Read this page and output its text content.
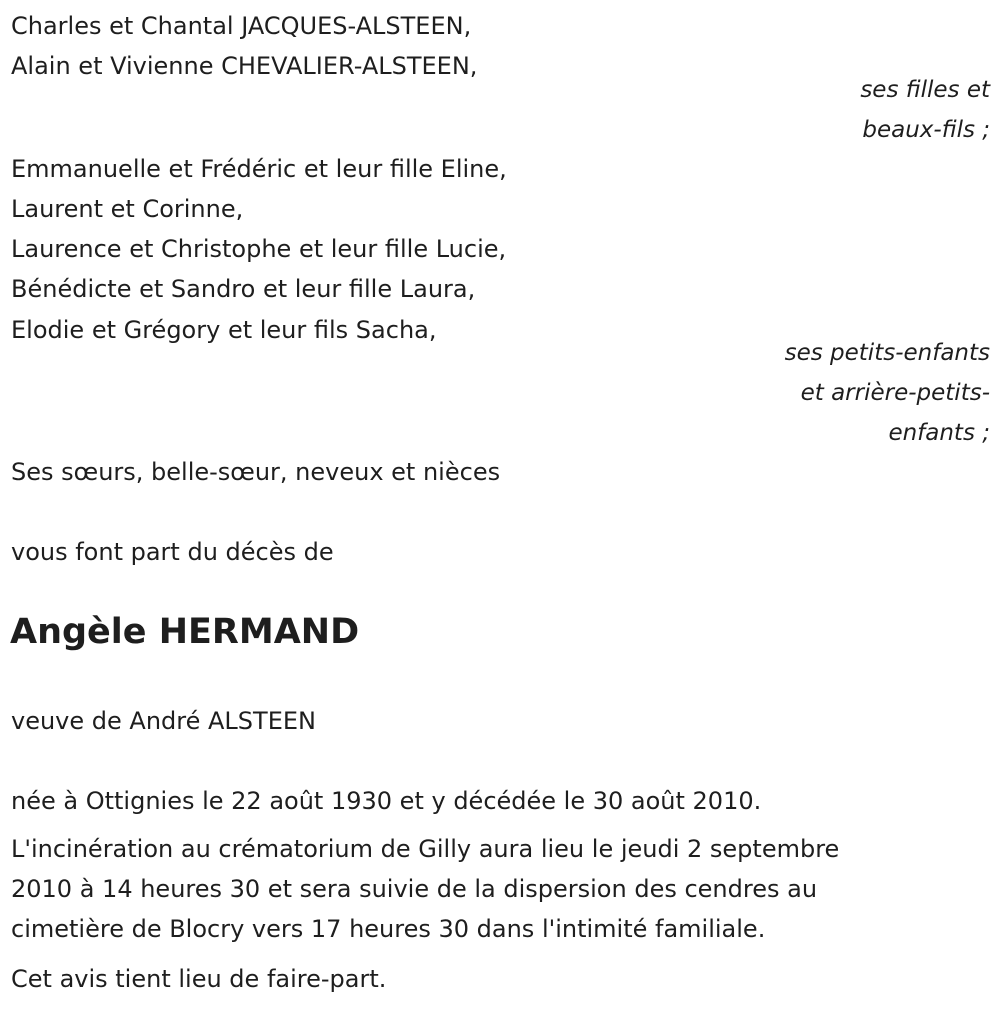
Charles et Chantal JACQUES-ALSTEEN,
Alain et Vivienne CHEVALIER-ALSTEEN,
ses filles et
beaux-fils ;
Emmanuelle et Frédéric et leur fille Eline,
Laurent et Corinne,
Laurence et Christophe et leur fille Lucie,
Bénédicte et Sandro et leur fille Laura,
Elodie et Grégory et leur fils Sacha,
ses petits-enfants
et arrière-petits-
enfants ;
Ses sœurs, belle-sœur, neveux et nièces
vous font part du décès de
Angèle HERMAND
veuve de André ALSTEEN
née à Ottignies le 22 août 1930 et y décédée le 30 août 2010.
L'incinération au crématorium de Gilly aura lieu le jeudi 2 septembre
2010 à 14 heures 30 et sera suivie de la dispersion des cendres au
cimetière de Blocry vers 17 heures 30 dans l'intimité familiale.
Cet avis tient lieu de faire-part.
